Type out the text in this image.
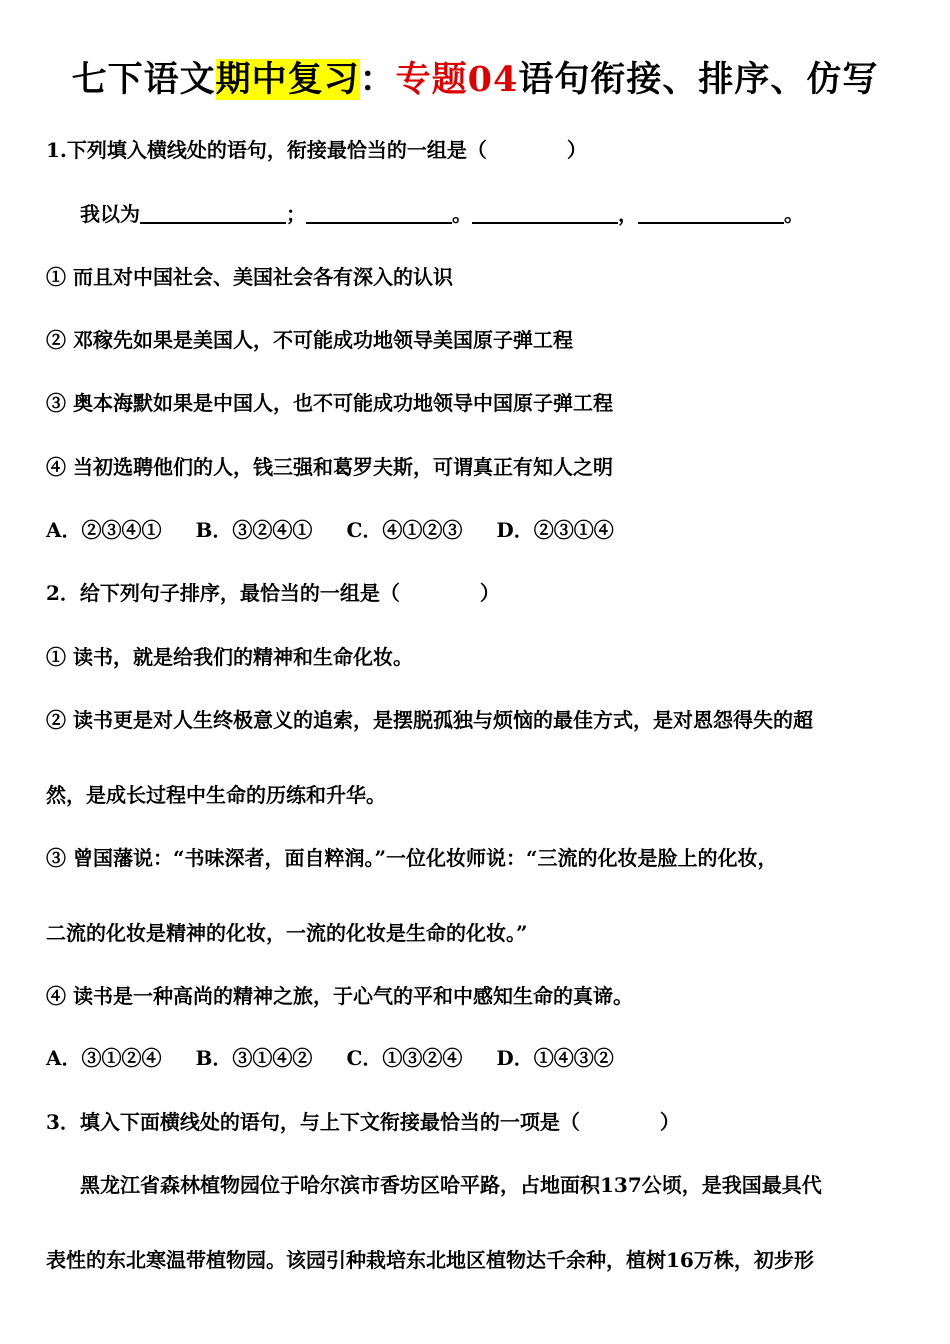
七下语文期中复习：专题04语句衔接、排序、仿写
1.下列填入横线处的语句，衔接最恰当的一组是（	）
我以为	；	。	，	。
① 而且对中国社会、美国社会各有深入的认识
② 邓稼先如果是美国人，不可能成功地领导美国原子弹工程
③ 奥本海默如果是中国人，也不可能成功地领导中国原子弹工程
④ 当初选聘他们的人，钱三强和葛罗夫斯，可谓真正有知人之明
A．②③④① B．③②④① C．④①②③ D．②③①④
2．给下列句子排序，最恰当的一组是（	）
① 读书，就是给我们的精神和生命化妆。
② 读书更是对人生终极意义的追索，是摆脱孤独与烦恼的最佳方式，是对恩怨得失的超
然，是成长过程中生命的历练和升华。
③ 曾国藩说：“书味深者，面自粹润。”一位化妆师说：“三流的化妆是脸上的化妆，
二流的化妆是精神的化妆，一流的化妆是生命的化妆。”
④ 读书是一种高尚的精神之旅，于心气的平和中感知生命的真谛。
A．③①②④ B．③①④② C．①③②④ D．①④③②
3．填入下面横线处的语句，与上下文衔接最恰当的一项是（	）
黑龙江省森林植物园位于哈尔滨市香坊区哈平路，占地面积137公顷，是我国最具代
表性的东北寒温带植物园。该园引种栽培东北地区植物达千余种，植树16万株，初步形
